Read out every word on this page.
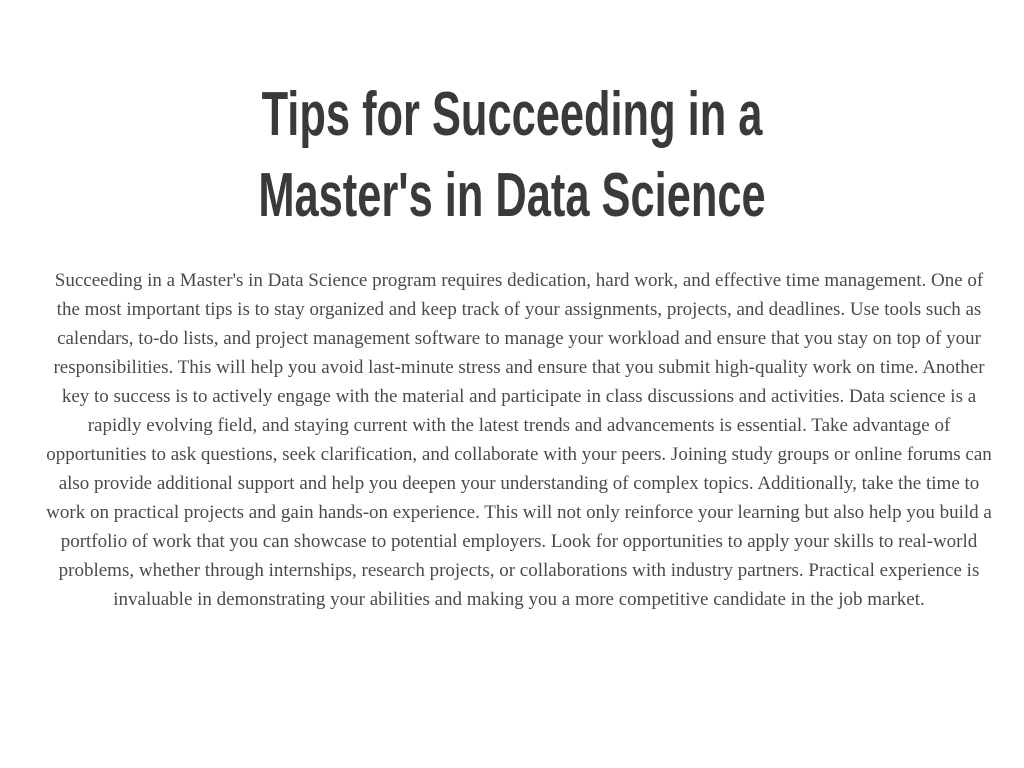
Tips for Succeeding in a
Master's in Data Science

Succeeding in a Master's in Data Science program requires dedication, hard work, and effective time management. One of the most important tips is to stay organized and keep track of your assignments, projects, and deadlines. Use tools such as calendars, to-do lists, and project management software to manage your workload and ensure that you stay on top of your responsibilities. This will help you avoid last-minute stress and ensure that you submit high-quality work on time. Another key to success is to actively engage with the material and participate in class discussions and activities. Data science is a rapidly evolving field, and staying current with the latest trends and advancements is essential. Take advantage of opportunities to ask questions, seek clarification, and collaborate with your peers. Joining study groups or online forums can also provide additional support and help you deepen your understanding of complex topics. Additionally, take the time to work on practical projects and gain hands-on experience. This will not only reinforce your learning but also help you build a portfolio of work that you can showcase to potential employers. Look for opportunities to apply your skills to real-world problems, whether through internships, research projects, or collaborations with industry partners. Practical experience is invaluable in demonstrating your abilities and making you a more competitive candidate in the job market.
